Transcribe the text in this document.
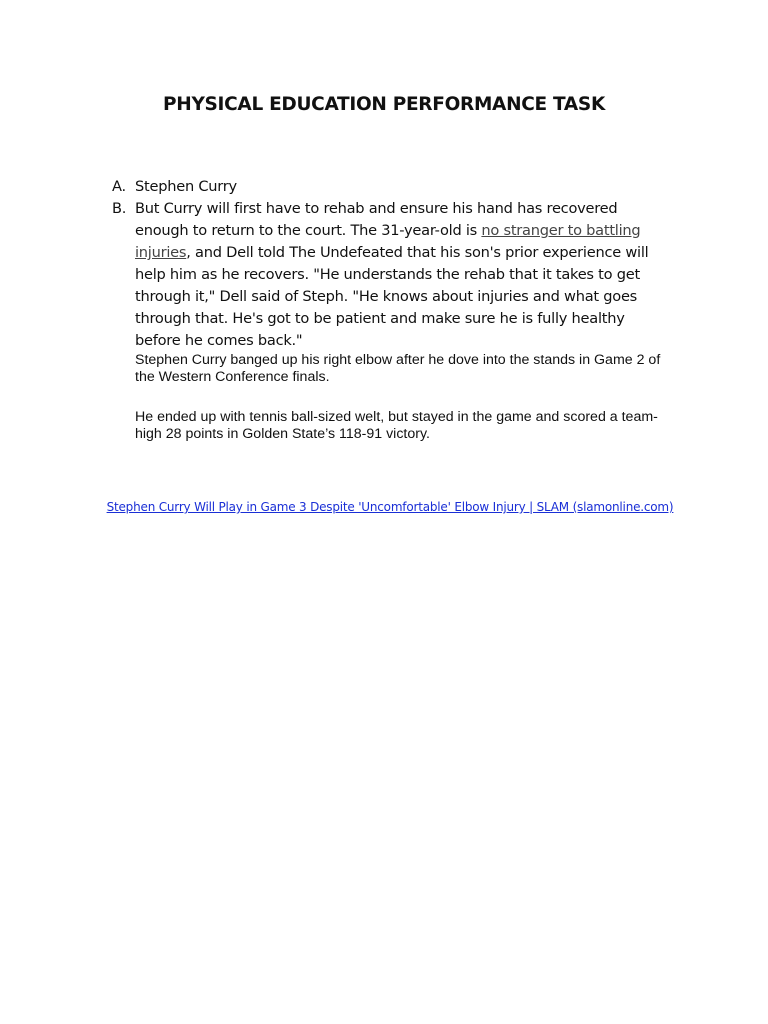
PHYSICAL EDUCATION PERFORMANCE TASK
A. Stephen Curry
B. But Curry will first have to rehab and ensure his hand has recovered enough to return to the court. The 31-year-old is no stranger to battling injuries, and Dell told The Undefeated that his son's prior experience will help him as he recovers. "He understands the rehab that it takes to get through it," Dell said of Steph. "He knows about injuries and what goes through that. He's got to be patient and make sure he is fully healthy before he comes back."

Stephen Curry banged up his right elbow after he dove into the stands in Game 2 of the Western Conference finals.

He ended up with tennis ball-sized welt, but stayed in the game and scored a team-high 28 points in Golden State’s 118-91 victory.

Stephen Curry Will Play in Game 3 Despite 'Uncomfortable' Elbow Injury | SLAM (slamonline.com)
